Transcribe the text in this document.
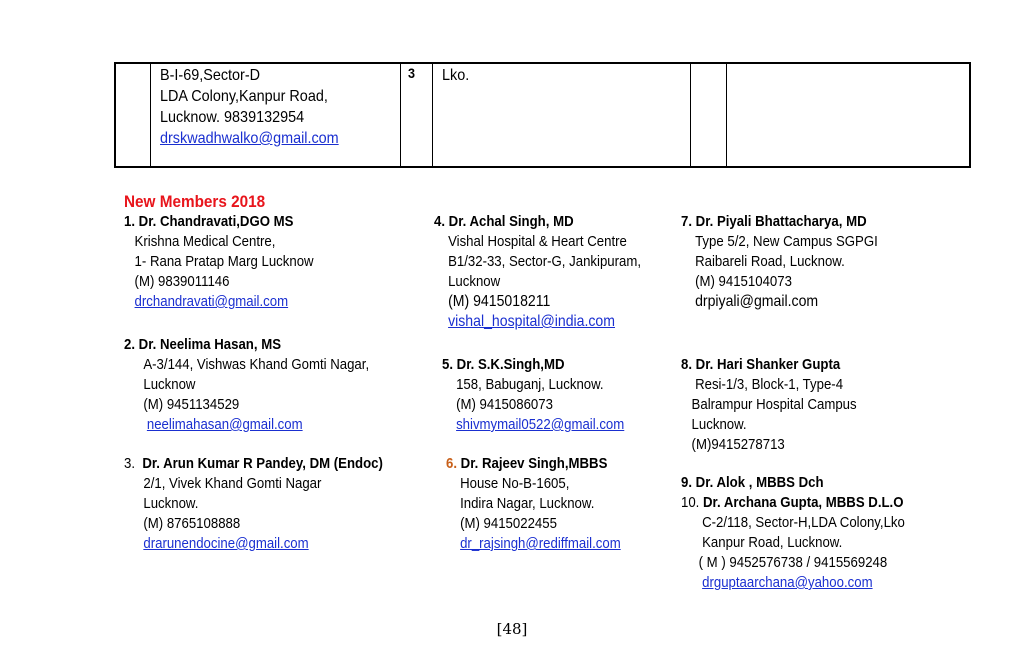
B-I-69,Sector-D
LDA Colony,Kanpur Road,
Lucknow. 9839132954
drskwadhwalko@gmail.com
3 Lko.
New Members 2018
1. Dr. Chandravati,DGO MS
Krishna Medical Centre,
1- Rana Pratap Marg Lucknow
(M) 9839011146
drchandravati@gmail.com
2. Dr. Neelima Hasan, MS
A-3/144, Vishwas Khand Gomti Nagar,
Lucknow
(M) 9451134529
neelimahasan@gmail.com
3. Dr. Arun Kumar R Pandey, DM (Endoc)
2/1, Vivek Khand Gomti Nagar
Lucknow.
(M) 8765108888
drarunendocine@gmail.com
4. Dr. Achal Singh, MD
Vishal Hospital & Heart Centre
B1/32-33, Sector-G, Jankipuram,
Lucknow
(M) 9415018211
vishal_hospital@india.com
5. Dr. S.K.Singh,MD
158, Babuganj, Lucknow.
(M) 9415086073
shivmymail0522@gmail.com
6. Dr. Rajeev Singh,MBBS
House No-B-1605,
Indira Nagar, Lucknow.
(M) 9415022455
dr_rajsingh@rediffmail.com
7. Dr. Piyali Bhattacharya, MD
Type 5/2, New Campus SGPGI
Raibareli Road, Lucknow.
(M) 9415104073
drpiyali@gmail.com
8. Dr. Hari Shanker Gupta
Resi-1/3, Block-1, Type-4
Balrampur Hospital Campus
Lucknow.
(M)9415278713
9. Dr. Alok , MBBS Dch
10. Dr. Archana Gupta, MBBS D.L.O
C-2/118, Sector-H,LDA Colony,Lko
Kanpur Road, Lucknow.
( M ) 9452576738 / 9415569248
drguptaarchana@yahoo.com
[48]
